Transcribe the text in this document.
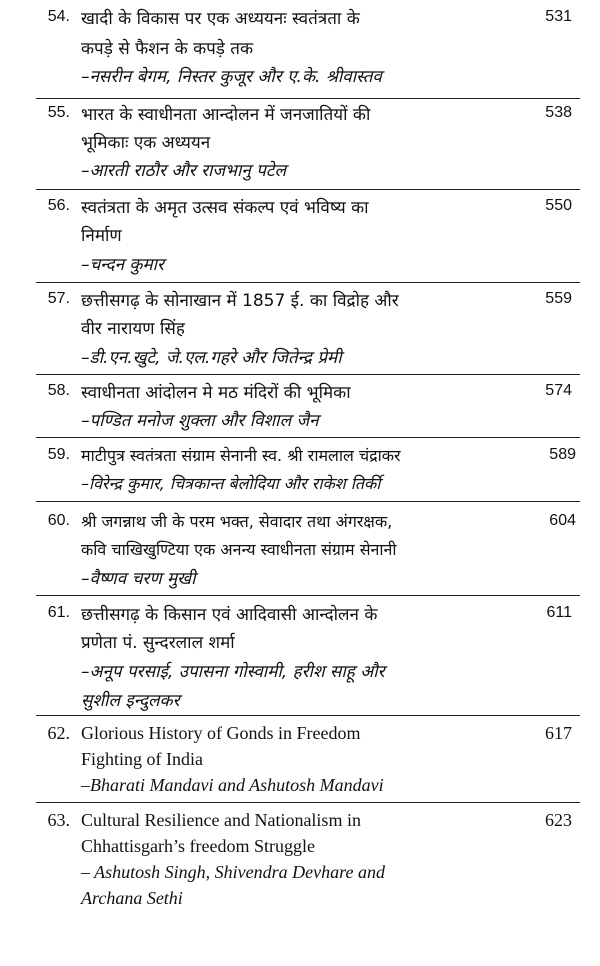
54. खादी के विकास पर एक अध्ययनः स्वतंत्रता के	531
कपड़े से फैशन के कपड़े तक
–नसरीन बेगम, निस्तर कुजूर और ए.के. श्रीवास्तव
55. भारत के स्वाधीनता आन्दोलन में जनजातियों की	538
भूमिकाः एक अध्ययन
–आरती राठौर और राजभानु पटेल
56. स्वतंत्रता के अमृत उत्सव संकल्प एवं भविष्य का	550
निर्माण
–चन्दन कुमार
57. छत्तीसगढ़ के सोनाखान में 1857 ई. का विद्रोह और	559
वीर नारायण सिंह
–डी.एन.खुटे, जे.एल.गहरे और जितेन्द्र प्रेमी
58. स्वाधीनता आंदोलन मे मठ मंदिरों की भूमिका	574
–पण्डित मनोज शुक्ला और विशाल जैन
59. माटीपुत्र स्वतंत्रता संग्राम सेनानी स्व. श्री रामलाल चंद्राकर	589
–विरेन्द्र कुमार, चित्रकान्त बेलोदिया और राकेश तिर्की
60. श्री जगन्नाथ जी के परम भक्त, सेवादार तथा अंगरक्षक,	604
कवि चाखिखुण्टिया एक अनन्य स्वाधीनता संग्राम सेनानी
–वैष्णव चरण मुखी
61. छत्तीसगढ़ के किसान एवं आदिवासी आन्दोलन के	611
प्रणेता पं. सुन्दरलाल शर्मा
–अनूप परसाई, उपासना गोस्वामी, हरीश साहू और
सुशील इन्दुलकर
62. Glorious History of Gonds in Freedom	617
Fighting of India
–Bharati Mandavi and Ashutosh Mandavi
63. Cultural Resilience and Nationalism in	623
Chhattisgarh’s freedom Struggle
– Ashutosh Singh, Shivendra Devhare and
Archana Sethi
